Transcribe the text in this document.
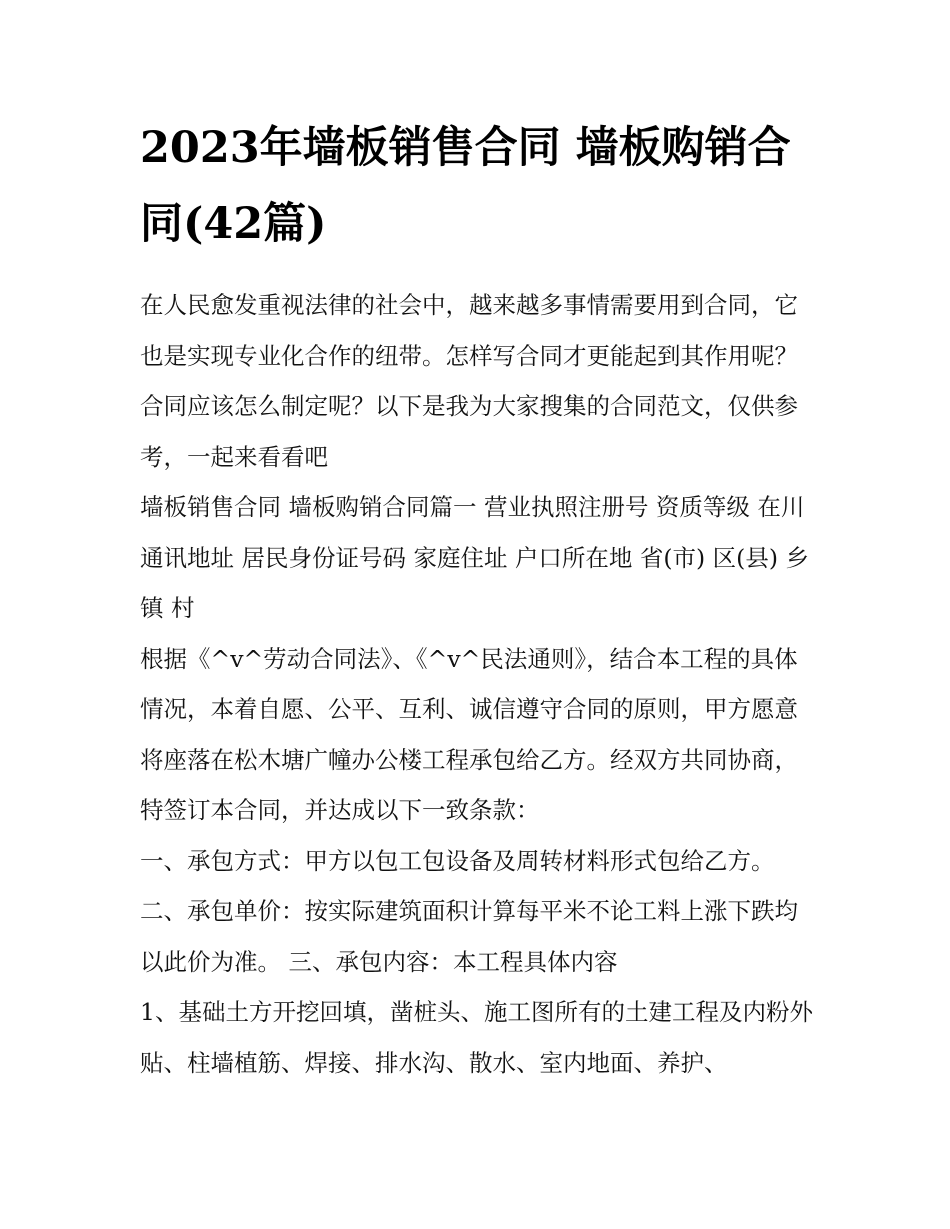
2023年墙板销售合同 墙板购销合同(42篇)

在人民愈发重视法律的社会中，越来越多事情需要用到合同，它也是实现专业化合作的纽带。怎样写合同才更能起到其作用呢？合同应该怎么制定呢？以下是我为大家搜集的合同范文，仅供参考，一起来看看吧

墙板销售合同 墙板购销合同篇一 营业执照注册号 资质等级 在川通讯地址 居民身份证号码 家庭住址 户口所在地 省(市) 区(县) 乡镇 村

根据《^v^劳动合同法》、《^v^民法通则》，结合本工程的具体情况，本着自愿、公平、互利、诚信遵守合同的原则，甲方愿意将座落在松木塘广幢办公楼工程承包给乙方。经双方共同协商，特签订本合同，并达成以下一致条款：

一、承包方式：甲方以包工包设备及周转材料形式包给乙方。

二、承包单价：按实际建筑面积计算每平米不论工料上涨下跌均以此价为准。 三、承包内容：本工程具体内容

1、基础土方开挖回填，凿桩头、施工图所有的土建工程及内粉外贴、柱墙植筋、焊接、排水沟、散水、室内地面、养护、
